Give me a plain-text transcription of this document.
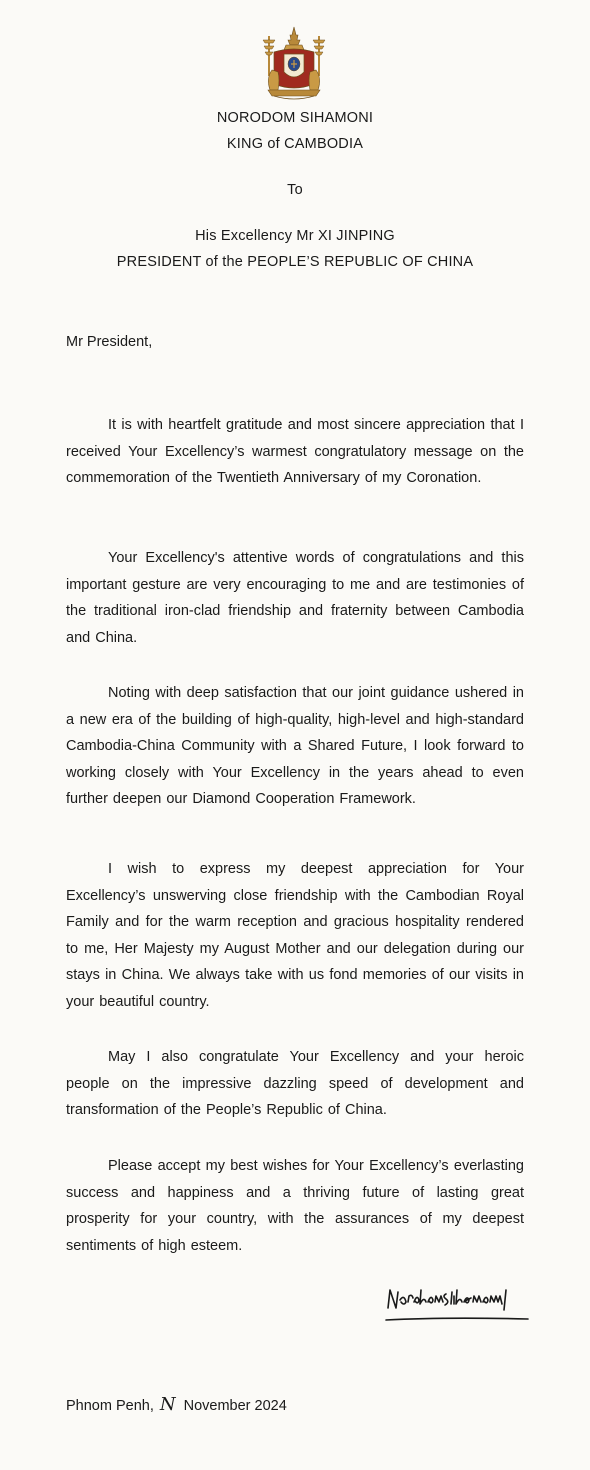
NORODOM SIHAMONI
KING of CAMBODIA
To
His Excellency Mr XI JINPING
PRESIDENT of the PEOPLE’S REPUBLIC OF CHINA
Mr President,
It is with heartfelt gratitude and most sincere appreciation that I received Your Excellency’s warmest congratulatory message on the commemoration of the Twentieth Anniversary of my Coronation.
Your Excellency's attentive words of congratulations and this important gesture are very encouraging to me and are testimonies of the traditional iron-clad friendship and fraternity between Cambodia and China.
Noting with deep satisfaction that our joint guidance ushered in a new era of the building of high-quality, high-level and high-standard Cambodia-China Community with a Shared Future, I look forward to working closely with Your Excellency in the years ahead to even further deepen our Diamond Cooperation Framework.
I wish to express my deepest appreciation for Your Excellency’s unswerving close friendship with the Cambodian Royal Family and for the warm reception and gracious hospitality rendered to me, Her Majesty my August Mother and our delegation during our stays in China. We always take with us fond memories of our visits in your beautiful country.
May I also congratulate Your Excellency and your heroic people on the impressive dazzling speed of development and transformation of the People’s Republic of China.
Please accept my best wishes for Your Excellency’s everlasting success and happiness and a thriving future of lasting great prosperity for your country, with the assurances of my deepest sentiments of high esteem.
Phnom Penh, N November 2024
